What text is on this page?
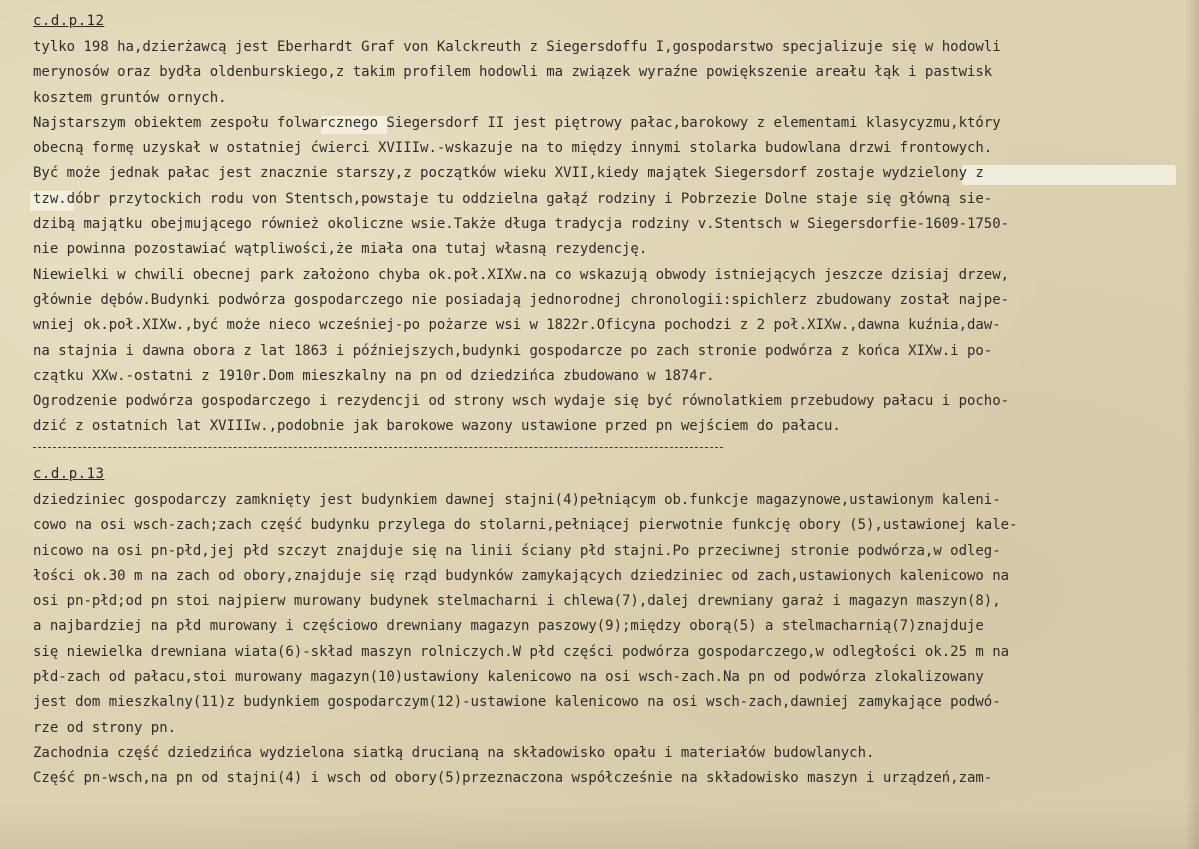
c.d.p.12
tylko 198 ha,dzierżawcą jest Eberhardt Graf von Kalckreuth z Siegersdoffu I,gospodarstwo specjalizuje się w hodowli
merynosów oraz bydła oldenburskiego,z takim profilem hodowli ma związek wyraźne powiększenie areału łąk i pastwisk
kosztem gruntów ornych.
Najstarszym obiektem zespołu folwarcznego Siegersdorf II jest piętrowy pałac,barokowy z elementami klasycyzmu,który
obecną formę uzyskał w ostatniej ćwierci XVIIIw.-wskazuje na to między innymi stolarka budowlana drzwi frontowych.
Być może jednak pałac jest znacznie starszy,z początków wieku XVII,kiedy majątek Siegersdorf zostaje wydzielony z
tzw.dóbr przytockich rodu von Stentsch,powstaje tu oddzielna gałąź rodziny i Pobrzezie Dolne staje się główną sie-
dzibą majątku obejmującego również okoliczne wsie.Także długa tradycja rodziny v.Stentsch w Siegersdorfie-1609-1750-
nie powinna pozostawiać wątpliwości,że miała ona tutaj własną rezydencję.
Niewielki w chwili obecnej park założono chyba ok.poł.XIXw.na co wskazują obwody istniejących jeszcze dzisiaj drzew,
głównie dębów.Budynki podwórza gospodarczego nie posiadają jednorodnej chronologii:spichlerz zbudowany został najpe-
wniej ok.poł.XIXw.,być może nieco wcześniej-po pożarze wsi w 1822r.Oficyna pochodzi z 2 poł.XIXw.,dawna kuźnia,daw-
na stajnia i dawna obora z lat 1863 i późniejszych,budynki gospodarcze po zach stronie podwórza z końca XIXw.i po-
czątku XXw.-ostatni z 1910r.Dom mieszkalny na pn od dziedzińca zbudowano w 1874r.
Ogrodzenie podwórza gospodarczego i rezydencji od strony wsch wydaje się być równolatkiem przebudowy pałacu i pocho-
dzić z ostatnich lat XVIIIw.,podobnie jak barokowe wazony ustawione przed pn wejściem do pałacu.
c.d.p.13
dziedziniec gospodarczy zamknięty jest budynkiem dawnej stajni(4)pełniącym ob.funkcje magazynowe,ustawionym kaleni-
cowo na osi wsch-zach;zach część budynku przylega do stolarni,pełniącej pierwotnie funkcję obory (5),ustawionej kale-
nicowo na osi pn-płd,jej płd szczyt znajduje się na linii ściany płd stajni.Po przeciwnej stronie podwórza,w odleg-
łości ok.30 m na zach od obory,znajduje się rząd budynków zamykających dziedziniec od zach,ustawionych kalenicowo na
osi pn-płd;od pn stoi najpierw murowany budynek stelmacharni i chlewa(7),dalej drewniany garaż i magazyn maszyn(8),
a najbardziej na płd murowany i częściowo drewniany magazyn paszowy(9);między oborą(5) a stelmacharnią(7)znajduje
się niewielka drewniana wiata(6)-skład maszyn rolniczych.W płd części podwórza gospodarczego,w odległości ok.25 m na
płd-zach od pałacu,stoi murowany magazyn(10)ustawiony kalenicowo na osi wsch-zach.Na pn od podwórza zlokalizowany
jest dom mieszkalny(11)z budynkiem gospodarczym(12)-ustawione kalenicowo na osi wsch-zach,dawniej zamykające podwó-
rze od strony pn.
Zachodnia część dziedzińca wydzielona siatką drucianą na składowisko opału i materiałów budowlanych.
Część pn-wsch,na pn od stajni(4) i wsch od obory(5)przeznaczona współcześnie na składowisko maszyn i urządzeń,zam-
